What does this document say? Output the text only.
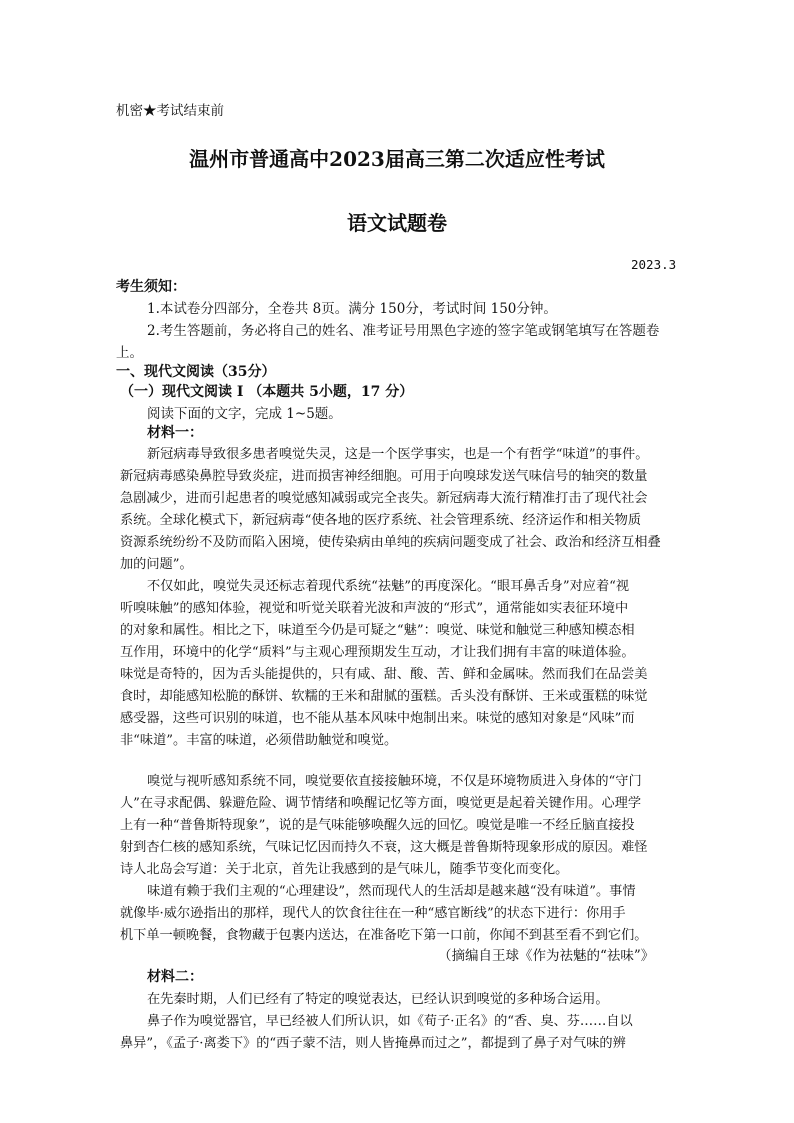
机密★考试结束前
温州市普通高中2023届高三第二次适应性考试
语文试题卷
2023.3
考生须知：
1.本试卷分四部分，全卷共 8页。满分 150分，考试时间 150分钟。
2.考生答题前，务必将自己的姓名、准考证号用黑色字迹的签字笔或钢笔填写在答题卷
上。
一、现代文阅读（35分）
（一）现代文阅读 I （本题共 5小题，17 分）
阅读下面的文字，完成 1~5题。
材料一：
新冠病毒导致很多患者嗅觉失灵，这是一个医学事实，也是一个有哲学“味道”的事件。
新冠病毒感染鼻腔导致炎症，进而损害神经细胞。可用于向嗅球发送气味信号的轴突的数量
急剧减少，进而引起患者的嗅觉感知减弱或完全丧失。新冠病毒大流行精准打击了现代社会
系统。全球化模式下，新冠病毒“使各地的医疗系统、社会管理系统、经济运作和相关物质
资源系统纷纷不及防而陷入困境，使传染病由单纯的疾病问题变成了社会、政治和经济互相叠
加的问题”。
不仅如此，嗅觉失灵还标志着现代系统“祛魅”的再度深化。“眼耳鼻舌身”对应着“视
听嗅味触”的感知体验，视觉和听觉关联着光波和声波的“形式”，通常能如实表征环境中
的对象和属性。相比之下，味道至今仍是可疑之“魅”：嗅觉、味觉和触觉三种感知模态相
互作用，环境中的化学“质料”与主观心理预期发生互动，才让我们拥有丰富的味道体验。
味觉是奇特的，因为舌头能提供的，只有咸、甜、酸、苦、鲜和金属味。然而我们在品尝美
食时，却能感知松脆的酥饼、软糯的王米和甜腻的蛋糕。舌头没有酥饼、王米或蛋糕的味觉
感受器，这些可识别的味道，也不能从基本风味中炮制出来。味觉的感知对象是“风味”而
非“味道”。丰富的味道，必须借助触觉和嗅觉。
嗅觉与视听感知系统不同，嗅觉要依直接接触环境，不仅是环境物质进入身体的“守门
人”在寻求配偶、躲避危险、调节情绪和唤醒记忆等方面，嗅觉更是起着关键作用。心理学
上有一种“普鲁斯特现象”，说的是气味能够唤醒久远的回忆。嗅觉是唯一不经丘脑直接投
射到杏仁核的感知系统，气味记忆因而持久不衰，这大概是普鲁斯特现象形成的原因。难怪
诗人北岛会写道：关于北京，首先让我感到的是气味儿，随季节变化而变化。
味道有赖于我们主观的“心理建设”，然而现代人的生活却是越来越“没有味道”。事情
就像毕·威尔逊指出的那样，现代人的饮食往往在一种“感官断线”的状态下进行：你用手
机下单一顿晚餐，食物藏于包裹内送达，在准备吃下第一口前，你闻不到甚至看不到它们。
（摘编自王球《作为祛魅的“祛味”》
材料二：
在先秦时期，人们已经有了特定的嗅觉表达，已经认识到嗅觉的多种场合运用。
鼻子作为嗅觉器官，早已经被人们所认识，如《荀子·正名》的“香、臭、芬……自以
鼻异”，《孟子·离娄下》的“西子蒙不洁，则人皆掩鼻而过之”，都提到了鼻子对气味的辨
